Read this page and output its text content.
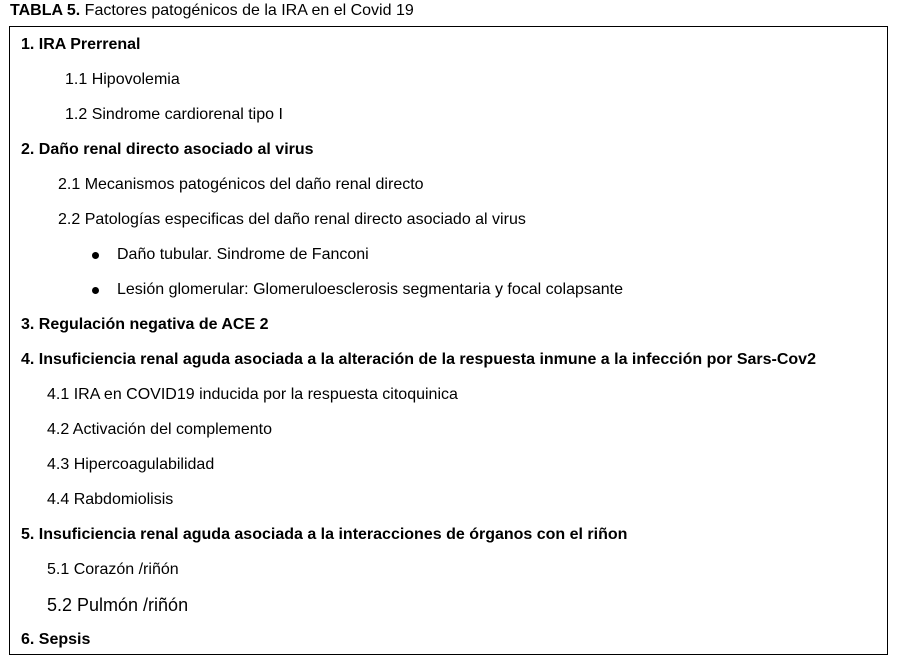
TABLA 5. Factores patogénicos de la IRA en el Covid 19
1. IRA Prerrenal
1.1 Hipovolemia
1.2 Sindrome cardiorenal tipo I
2. Daño renal directo asociado al virus
2.1 Mecanismos patogénicos del daño renal directo
2.2 Patologías especificas del daño renal directo asociado al virus
Daño tubular. Sindrome de Fanconi
Lesión glomerular: Glomeruloesclerosis segmentaria y focal colapsante
3. Regulación negativa de ACE 2
4. Insuficiencia renal aguda asociada a la alteración de la respuesta inmune a la infección por Sars-Cov2
4.1 IRA en COVID19 inducida por la respuesta citoquinica
4.2 Activación del complemento
4.3 Hipercoagulabilidad
4.4 Rabdomiolisis
5. Insuficiencia renal aguda asociada a la interacciones de órganos con el riñon
5.1 Corazón /riñón
5.2 Pulmón /riñón
6. Sepsis
